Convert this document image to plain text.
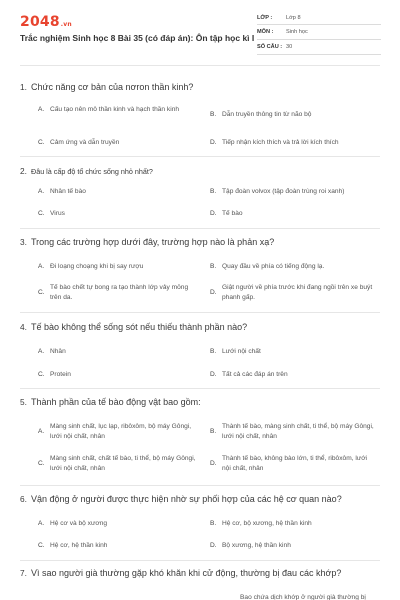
2048.vn
Trắc nghiệm Sinh học 8 Bài 35 (có đáp án): Ôn tập học kì I
LỚP :	Lớp 8
MÔN :	Sinh học
SỐ CÂU : 30
1. Chức năng cơ bản của nơron thần kinh?
A. Cấu tạo nên mô thần kinh và hạch thần kinh
B. Dẫn truyền thông tin từ não bộ
C. Cảm ứng và dẫn truyền	D. Tiếp nhận kích thích và trả lời kích thích
2. Đâu là cấp độ tổ chức sống nhỏ nhất?
A. Nhân tế bào	B. Tập đoàn volvox (tập đoàn trùng roi xanh)
C. Virus	D. Tế bào
3. Trong các trường hợp dưới đây, trường hợp nào là phản xạ?
A. Đi loạng choạng khi bị say rượu	B. Quay đầu về phía có tiếng động lạ.
C.
Tế bào chết tự bong ra tạo thành lớp vảy mỏng trên da.
D.
Giật người về phía trước khi đang ngồi trên xe buýt phanh gấp.
4. Tế bào không thể sống sót nếu thiếu thành phần nào?
A. Nhân	B. Lưới nội chất
C. Protein	D. Tất cả các đáp án trên
5. Thành phần của tế bào động vật bao gồm:
A.
Màng sinh chất, lục lạp, ribôxôm, bộ máy Gôngi, lưới nội chất, nhân
B.
Thành tế bào, màng sinh chất, ti thể, bộ máy Gôngi, lưới nội chất, nhân
C.
Màng sinh chất, chất tế bào, ti thể, bộ máy Gôngi, lưới nội chất, nhân
D.
Thành tế bào, không bào lớn, ti thể, ribôxôm, lưới nội chất, nhân
6. Vận động ở người được thực hiện nhờ sự phối hợp của các hệ cơ quan nào?
A. Hệ cơ và bộ xương	B. Hệ cơ, bộ xương, hệ thần kinh
C. Hệ cơ, hệ thần kinh	D. Bộ xương, hệ thần kinh
7. Vì sao người già thường gặp khó khăn khi cử động, thường bị đau các khớp?
Bao chứa dịch khớp ở người già thường bị
